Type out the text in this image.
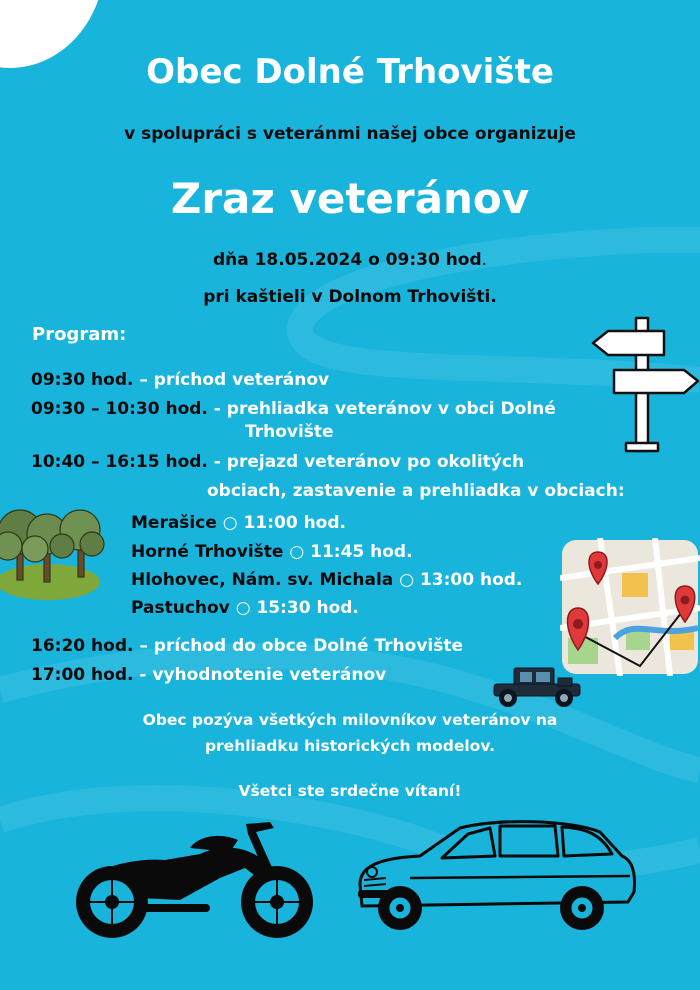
Obec Dolné Trhovište

v spolupráci s veteránmi našej obce organizuje

Zraz veteránov

dňa 18.05.2024 o 09:30 hod.

pri kaštieli v Dolnom Trhovišti.

Program:

09:30 hod. – príchod veteránov

09:30 – 10:30 hod. - prehliadka veteránov v obci Dolné

Trhovište

10:40 – 16:15 hod. - prejazd veteránov po okolitých

obciach, zastavenie a prehliadka v obciach:

Merašice ○ 11:00 hod.

Horné Trhovište ○ 11:45 hod.

Hlohovec, Nám. sv. Michala ○ 13:00 hod.

Pastuchov ○ 15:30 hod.

16:20 hod. – príchod do obce Dolné Trhovište

17:00 hod. - vyhodnotenie veteránov

Obec pozýva všetkých milovníkov veteránov na

prehliadku historických modelov.

Všetci ste srdečne vítaní!
